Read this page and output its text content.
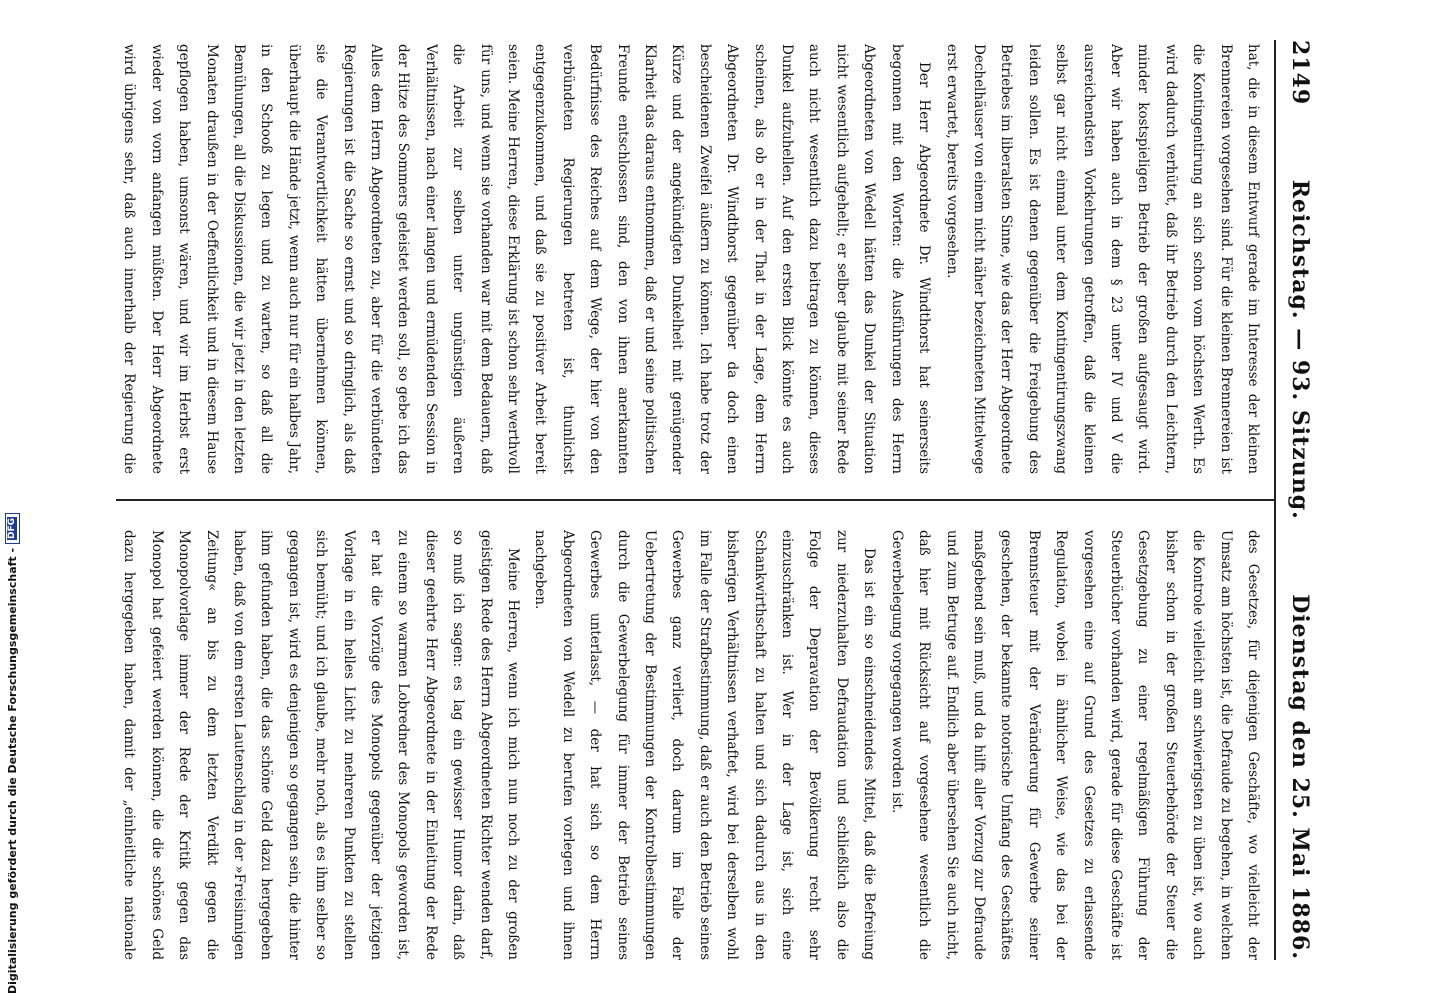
Digitalisierung gefördert durch die Deutsche Forschungsgemeinschaft -
DFG
2149
Reichstag. — 93. Sitzung.
Dienstag den 25. Mai 1886.

hat, die in diesem Entwurf gerade im Interesse der kleinen Brennereien vorgesehen sind. Für die kleinen Brennereien ist die Kontingentirung an sich schon vom höchsten Werth. Es wird dadurch verhütet, daß ihr Betrieb durch den Leichtern, minder kostspieligen Betrieb der großen aufgesaugt wird. Aber wir haben auch in dem § 23 unter IV und V die ausreichendsten Vorkehrungen getroffen, daß die kleinen selbst gar nicht einmal unter dem Kontingentirungszwang leiden sollen. Es ist denen gegenüber die Freigebung des Betriebes im liberalsten Sinne, wie das der Herr Abgeordnete Dechelhäuser von einem nicht näher bezeichneten Mittelwege erst erwartet, bereits vorgesehen.

Der Herr Abgeordnete Dr. Windthorst hat seinerseits begonnen mit den Worten: die Ausführungen des Herrn Abgeordneten von Wedell hätten das Dunkel der Situation nicht wesentlich aufgehellt; er selber glaube mit seiner Rede auch nicht wesentlich dazu beitragen zu können, dieses Dunkel aufzuhellen. Auf den ersten Blick könnte es auch scheinen, als ob er in der That in der Lage, dem Herrn Abgeordneten Dr. Windthorst gegenüber da doch einen bescheidenen Zweifel äußern zu können. Ich habe trotz der Kürze und der angekündigten Dunkelheit mit genügender Klarheit das daraus entnommen, daß er und seine politischen Freunde entschlossen sind, den von ihnen anerkannten Bedürfnisse des Reiches auf dem Wege, der hier von den verbündeten Regierungen betreten ist, thunlichst entgegenzukommen, und daß sie zu positiver Arbeit bereit seien. Meine Herren, diese Erklärung ist schon sehr werthvoll für uns, und wenn sie vorhanden war mit dem Bedauern, daß die Arbeit zur selben unter ungünstigen äußeren Verhältnissen, nach einer langen und ermüdenden Session in der Hitze des Sommers geleistet werden soll, so gebe ich das Alles dem Herrn Abgeordneten zu, aber für die verbündeten Regierungen ist die Sache so ernst und so dringlich, als daß sie die Verantwortlichkeit hätten übernehmen können, überhaupt die Hände jetzt, wenn auch nur für ein halbes Jahr, in den Schooß zu legen und zu warten, so daß all die Bemühungen, all die Diskussionen, die wir jetzt in den letzten Monaten draußen in der Oeffentlichkeit und in diesem Hause gepflogen haben, umsonst wären, und wir im Herbst erst wieder von vorn anfangen müßten. Der Herr Abgeordnete wird übrigens sehr, daß auch innerhalb der Regierung die

des Gesetzes, für diejenigen Geschäfte, wo vielleicht der Umsatz am höchsten ist, die Defraude zu begehen, in welchen die Kontrole vielleicht am schwierigsten zu üben ist, wo auch bisher schon in der großen Steuerbehörde der Steuer die Gesetzgebung zu einer regelmäßigen Führung der Steuerbücher vorhanden wird, gerade für diese Geschäfte ist vorgesehen eine auf Grund des Gesetzes zu erlassende Regulation, wobei in ähnlicher Weise, wie das bei der Brennsteuer mit der Veränderung für Gewerbe seiner geschehen, der bekannte notorische Umfang des Geschäftes maßgebend sein muß, und da hilft aller Vorzug zur Defraude und zum Betruge auf. Endlich aber übersehen Sie auch nicht, daß hier mit Rücksicht auf vorgesehene wesentlich die Gewerbelegung vorgegangen worden ist.

Das ist ein so einschneidendes Mittel, daß die Befreiung zur niederzuhalten Defraudation und schließlich also die Folge der Depravation der Bevölkerung recht sehr einzuschränken ist. Wer in der Lage ist, sich eine Schankwirthschaft zu halten und sich dadurch aus in den bisherigen Verhältnissen verhaftet, wird bei derselben wohl im Falle der Strafbestimmung, daß er auch den Betrieb seines Gewerbes ganz verliert, doch darum im Falle der Uebertretung der Bestimmungen der Kontrolbestimmungen durch die Gewerbelegung für immer der Betrieb seines Gewerbes unterlasst, — der hat sich so dem Herrn Abgeordneten von Wedell zu berufen vorlegen und ihnen nachgeben.

Meine Herren, wenn ich mich nun noch zu der großen geistigen Rede des Herrn Abgeordneten Richter wenden darf, so muß ich sagen: es lag ein gewisser Humor darin, daß dieser geehrte Herr Abgeordnete in der Einleitung der Rede zu einem so warmen Lobredner des Monopols geworden ist, er hat die Vorzüge des Monopols gegenüber der jetzigen Vorlage in ein helles Licht zu mehreren Punkten zu stellen sich bemüht; und ich glaube, mehr noch, als es ihm selber so gegangen ist, wird es denjenigen so gegangen sein, die hinter ihm gefunden haben, die das schöne Geld dazu hergegeben haben, daß von dem ersten Lautenschlag in der »Freisinnigen Zeitung« an bis zu dem letzten Verdikt gegen die Monopolvorlage immer der Rede der Kritik gegen das Monopol hat gefeiert werden können, die die schönes Geld dazu hergegeben haben, damit der „einheitliche nationale
